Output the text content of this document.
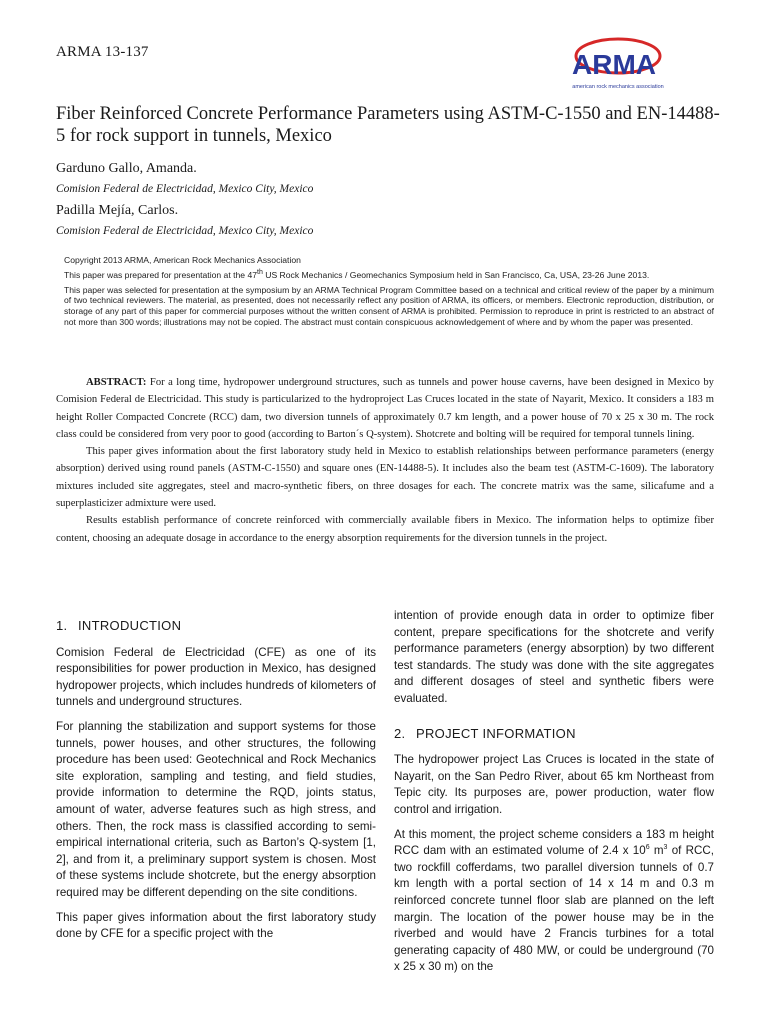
ARMA 13-137	ARMA
american rock mechanics association
Fiber Reinforced Concrete Performance Parameters using ASTM-C-1550 and EN-14488-5 for rock support in tunnels, Mexico
Garduno Gallo, Amanda.
Comision Federal de Electricidad, Mexico City, Mexico
Padilla Mejía, Carlos.
Comision Federal de Electricidad, Mexico City, Mexico

Copyright 2013 ARMA, American Rock Mechanics Association

This paper was prepared for presentation at the 47th US Rock Mechanics / Geomechanics Symposium held in San Francisco, Ca, USA, 23-26 June 2013.

This paper was selected for presentation at the symposium by an ARMA Technical Program Committee based on a technical and critical review of the paper by a minimum of two technical reviewers. The material, as presented, does not necessarily reflect any position of ARMA, its officers, or members. Electronic reproduction, distribution, or storage of any part of this paper for commercial purposes without the written consent of ARMA is prohibited. Permission to reproduce in print is restricted to an abstract of not more than 300 words; illustrations may not be copied. The abstract must contain conspicuous acknowledgement of where and by whom the paper was presented.

ABSTRACT: For a long time, hydropower underground structures, such as tunnels and power house caverns, have been designed in Mexico by Comision Federal de Electricidad. This study is particularized to the hydroproject Las Cruces located in the state of Nayarit, Mexico. It considers a 183 m height Roller Compacted Concrete (RCC) dam, two diversion tunnels of approximately 0.7 km length, and a power house of 70 x 25 x 30 m. The rock class could be considered from very poor to good (according to Barton´s Q-system). Shotcrete and bolting will be required for temporal tunnels lining.

This paper gives information about the first laboratory study held in Mexico to establish relationships between performance parameters (energy absorption) derived using round panels (ASTM-C-1550) and square ones (EN-14488-5). It includes also the beam test (ASTM-C-1609). The laboratory mixtures included site aggregates, steel and macro-synthetic fibers, on three dosages for each. The concrete matrix was the same, silicafume and a superplasticizer admixture were used.

Results establish performance of concrete reinforced with commercially available fibers in Mexico. The information helps to optimize fiber content, choosing an adequate dosage in accordance to the energy absorption requirements for the diversion tunnels in the project.

1. INTRODUCTION

Comision Federal de Electricidad (CFE) as one of its responsibilities for power production in Mexico, has designed hydropower projects, which includes hundreds of kilometers of tunnels and underground structures.

For planning the stabilization and support systems for those tunnels, power houses, and other structures, the following procedure has been used: Geotechnical and Rock Mechanics site exploration, sampling and testing, and field studies, provide information to determine the RQD, joints status, amount of water, adverse features such as high stress, and others. Then, the rock mass is classified according to semi-empirical international criteria, such as Barton’s Q-system [1, 2], and from it, a preliminary support system is chosen. Most of these systems include shotcrete, but the energy absorption required may be different depending on the site conditions.

This paper gives information about the first laboratory study done by CFE for a specific project with the

intention of provide enough data in order to optimize fiber content, prepare specifications for the shotcrete and verify performance parameters (energy absorption) by two different test standards. The study was done with the site aggregates and different dosages of steel and synthetic fibers were evaluated.

2. PROJECT INFORMATION

The hydropower project Las Cruces is located in the state of Nayarit, on the San Pedro River, about 65 km Northeast from Tepic city. Its purposes are, power production, water flow control and irrigation.

At this moment, the project scheme considers a 183 m height RCC dam with an estimated volume of 2.4 x $10^6$ $m^3$ of RCC, two rockfill cofferdams, two parallel diversion tunnels of 0.7 km length with a portal section of 14 x 14 m and 0.3 m reinforced concrete tunnel floor slab are planned on the left margin. The location of the power house may be in the riverbed and would have 2 Francis turbines for a total generating capacity of 480 MW, or could be underground (70 x 25 x 30 m) on the
